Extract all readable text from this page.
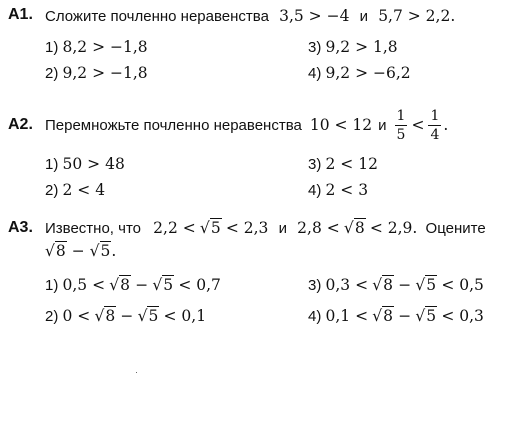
A1. Сложите почленно неравенства 3,5 > −4 и 5,7 > 2,2.
1) 8,2 > −1,8
2) 9,2 > −1,8
3) 9,2 > 1,8
4) 9,2 > −6,2
A2. Перемножьте почленно неравенства 10 < 12 и $\frac{1}{5} < \frac{1}{4}$ .
1) 50 > 48
2) 2 < 4
3) 2 < 12
4) 2 < 3
A3. Известно, что 2,2 < √5 < 2,3 и 2,8 < √8 < 2,9. Оцените
√8 − √5.
1) 0,5 < √8 − √5 < 0,7
2) 0 < √8 − √5 < 0,1
3) 0,3 < √8 − √5 < 0,5
4) 0,1 < √8 − √5 < 0,3
